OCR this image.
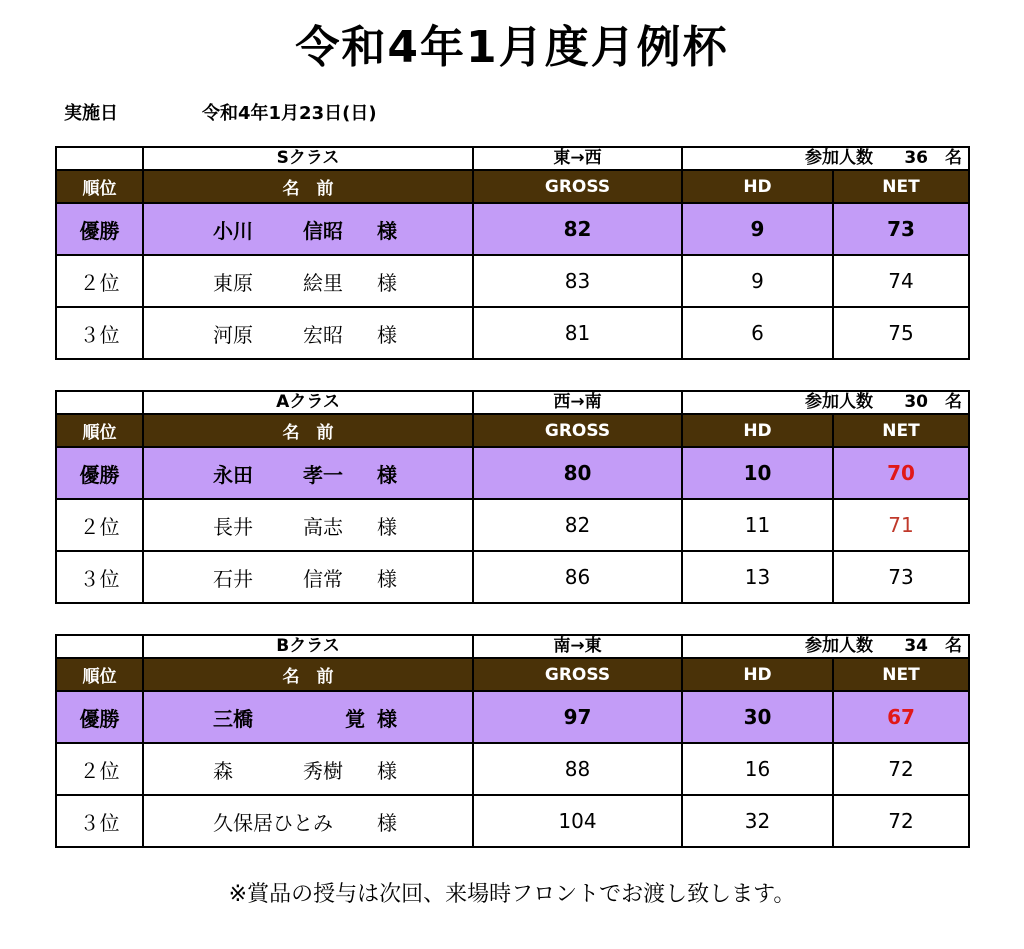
令和4年1月度月例杯
実施日	令和4年1月23日(日)
	Sクラス	東→西	参加人数　 36　 名	
順位	名　前	GROSS	HD	NET
優勝	小川 信昭 様	82	9	73
２位	東原 絵里 様	83	9	74
３位	河原 宏昭 様	81	6	75
	Aクラス	西→南	参加人数　 30　 名	
順位	名　前	GROSS	HD	NET
優勝	永田 孝一 様	80	10	70
２位	長井 高志 様	82	11	71
３位	石井 信常 様	86	13	73
	Bクラス	南→東	参加人数　 34　 名	
順位	名　前	GROSS	HD	NET
優勝	三橋 覚 様	97	30	67
２位	森 秀樹 様	88	16	72
３位	久保居ひとみ 様	104	32	72
※賞品の授与は次回、来場時フロントでお渡し致します。
